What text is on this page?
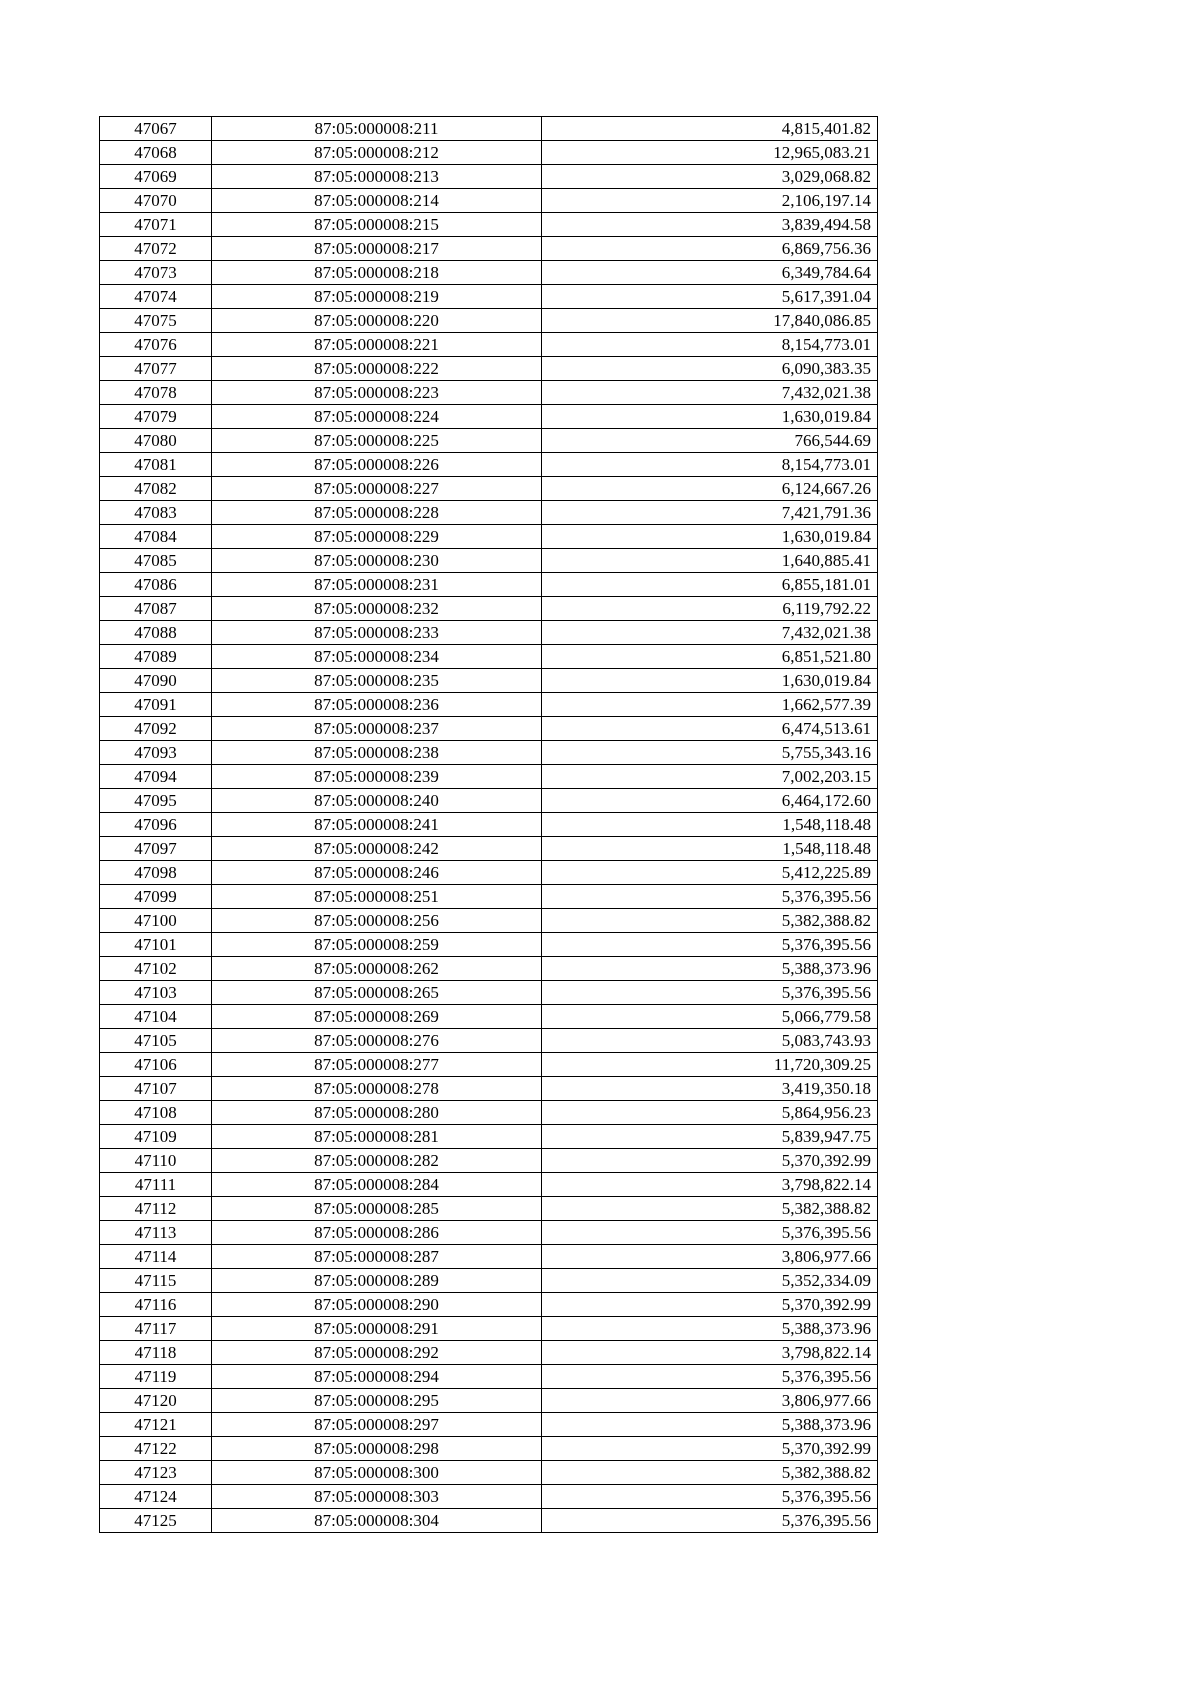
47067	87:05:000008:211	4,815,401.82
47068	87:05:000008:212	12,965,083.21
47069	87:05:000008:213	3,029,068.82
47070	87:05:000008:214	2,106,197.14
47071	87:05:000008:215	3,839,494.58
47072	87:05:000008:217	6,869,756.36
47073	87:05:000008:218	6,349,784.64
47074	87:05:000008:219	5,617,391.04
47075	87:05:000008:220	17,840,086.85
47076	87:05:000008:221	8,154,773.01
47077	87:05:000008:222	6,090,383.35
47078	87:05:000008:223	7,432,021.38
47079	87:05:000008:224	1,630,019.84
47080	87:05:000008:225	766,544.69
47081	87:05:000008:226	8,154,773.01
47082	87:05:000008:227	6,124,667.26
47083	87:05:000008:228	7,421,791.36
47084	87:05:000008:229	1,630,019.84
47085	87:05:000008:230	1,640,885.41
47086	87:05:000008:231	6,855,181.01
47087	87:05:000008:232	6,119,792.22
47088	87:05:000008:233	7,432,021.38
47089	87:05:000008:234	6,851,521.80
47090	87:05:000008:235	1,630,019.84
47091	87:05:000008:236	1,662,577.39
47092	87:05:000008:237	6,474,513.61
47093	87:05:000008:238	5,755,343.16
47094	87:05:000008:239	7,002,203.15
47095	87:05:000008:240	6,464,172.60
47096	87:05:000008:241	1,548,118.48
47097	87:05:000008:242	1,548,118.48
47098	87:05:000008:246	5,412,225.89
47099	87:05:000008:251	5,376,395.56
47100	87:05:000008:256	5,382,388.82
47101	87:05:000008:259	5,376,395.56
47102	87:05:000008:262	5,388,373.96
47103	87:05:000008:265	5,376,395.56
47104	87:05:000008:269	5,066,779.58
47105	87:05:000008:276	5,083,743.93
47106	87:05:000008:277	11,720,309.25
47107	87:05:000008:278	3,419,350.18
47108	87:05:000008:280	5,864,956.23
47109	87:05:000008:281	5,839,947.75
47110	87:05:000008:282	5,370,392.99
47111	87:05:000008:284	3,798,822.14
47112	87:05:000008:285	5,382,388.82
47113	87:05:000008:286	5,376,395.56
47114	87:05:000008:287	3,806,977.66
47115	87:05:000008:289	5,352,334.09
47116	87:05:000008:290	5,370,392.99
47117	87:05:000008:291	5,388,373.96
47118	87:05:000008:292	3,798,822.14
47119	87:05:000008:294	5,376,395.56
47120	87:05:000008:295	3,806,977.66
47121	87:05:000008:297	5,388,373.96
47122	87:05:000008:298	5,370,392.99
47123	87:05:000008:300	5,382,388.82
47124	87:05:000008:303	5,376,395.56
47125	87:05:000008:304	5,376,395.56
